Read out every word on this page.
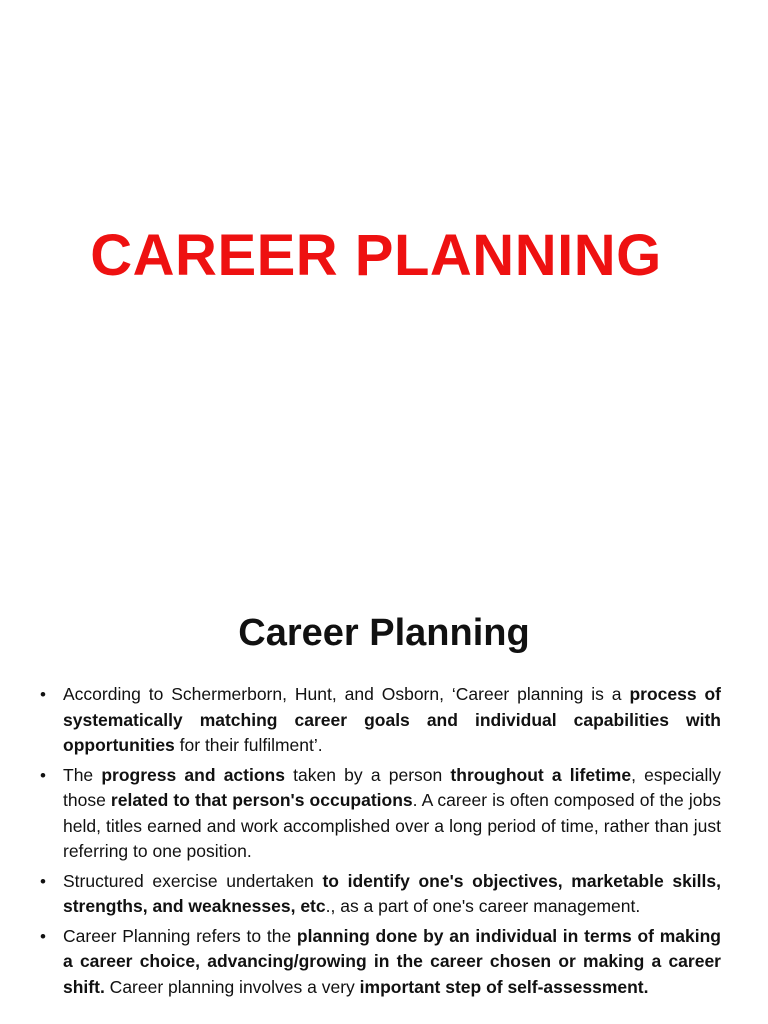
CAREER PLANNING
Career Planning
• According to Schermerborn, Hunt, and Osborn, ‘Career planning is a process of systematically matching career goals and individual capabilities with opportunities for their fulfilment’.
• The progress and actions taken by a person throughout a lifetime, especially those related to that person's occupations. A career is often composed of the jobs held, titles earned and work accomplished over a long period of time, rather than just referring to one position.
• Structured exercise undertaken to identify one's objectives, marketable skills, strengths, and weaknesses, etc., as a part of one's career management.
• Career Planning refers to the planning done by an individual in terms of making a career choice, advancing/growing in the career chosen or making a career shift. Career planning involves a very important step of self-assessment.
